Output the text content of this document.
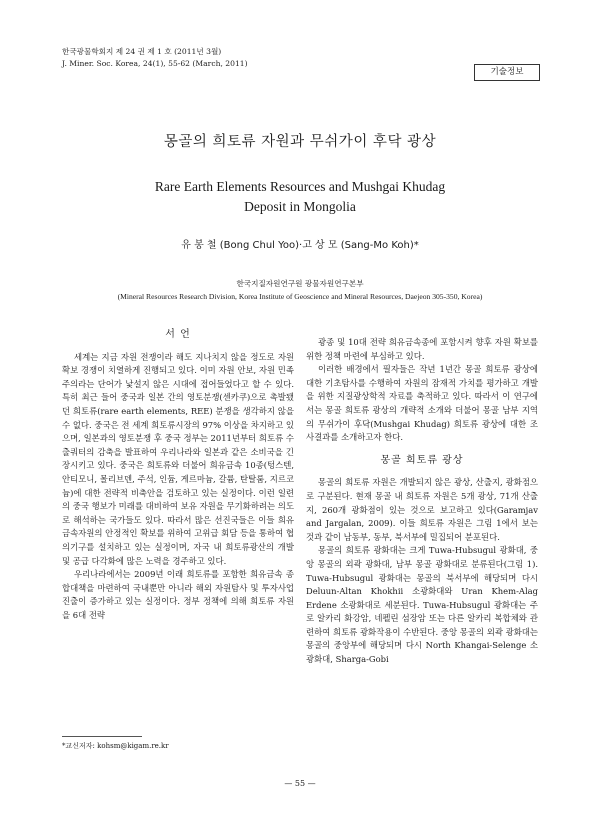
한국광물학회지 제 24 권 제 1 호 (2011년 3월)
J. Miner. Soc. Korea, 24(1), 55-62 (March, 2011)
기술정보
몽골의 희토류 자원과 무쉬가이 후닥 광상
Rare Earth Elements Resources and Mushgai Khudag
Deposit in Mongolia
유 봉 철 (Bong Chul Yoo)·고 상 모 (Sang-Mo Koh)*
한국지질자원연구원 광물자원연구본부
(Mineral Resources Research Division, Korea Institute of Geoscience and Mineral Resources, Daejeon 305-350, Korea)
서 언

세계는 지금 자원 전쟁이라 해도 지나치지 않을 정도로 자원 확보 경쟁이 치열하게 진행되고 있다. 이미 자원 안보, 자원 민족주의라는 단어가 낯설지 않은 시대에 접어들었다고 할 수 있다. 특히 최근 들어 중국과 일본 간의 영토분쟁(센카쿠)으로 촉발됐던 희토류(rare earth elements, REE) 분쟁을 생각하지 않을 수 없다. 중국은 전 세계 희토류시장의 97% 이상을 차지하고 있으며, 일본과의 영토분쟁 후 중국 정부는 2011년부터 희토류 수출쿼터의 감축을 발표하여 우리나라와 일본과 같은 소비국을 긴장시키고 있다. 중국은 희토류와 더불어 희유금속 10종(텅스텐, 안티모니, 몰리브덴, 주석, 인듐, 게르마늄, 갈륨, 탄탈룸, 지르코늄)에 대한 전략적 비축안을 검토하고 있는 실정이다. 이런 일련의 중국 행보가 미래를 대비하여 보유 자원을 무기화하려는 의도로 해석하는 국가들도 있다. 따라서 많은 선진국들은 이들 희유금속자원의 안정적인 확보를 위하여 고위급 회담 등을 통하여 협의기구를 설치하고 있는 실정이며, 자국 내 희토류광산의 개발 및 공급 다각화에 많은 노력을 경주하고 있다.

우리나라에서는 2009년 이래 희토류를 포함한 희유금속 종합대책을 마련하여 국내뿐만 아니라 해외 자원탐사 및 투자사업 진출이 증가하고 있는 실정이다. 정부 정책에 의해 희토류 자원을 6대 전략

광종 및 10대 전략 희유금속종에 포함시켜 향후 자원 확보를 위한 정책 마련에 부심하고 있다.

이러한 배경에서 필자들은 작년 1년간 몽골 희토류 광상에 대한 기초탐사를 수행하여 자원의 잠재적 가치를 평가하고 개발을 위한 지질광상학적 자료를 축적하고 있다. 따라서 이 연구에서는 몽골 희토류 광상의 개략적 소개와 더불어 몽골 남부 지역의 무쉬가이 후닥(Mushgai Khudag) 희토류 광상에 대한 조사결과를 소개하고자 한다.

몽골 희토류 광상

몽골의 희토류 자원은 개발되지 않은 광상, 산출지, 광화점으로 구분된다. 현재 몽골 내 희토류 자원은 5개 광상, 71개 산출지, 260개 광화점이 있는 것으로 보고하고 있다(Garamjav and Jargalan, 2009). 이들 희토류 자원은 그림 1에서 보는 것과 같이 남동부, 동부, 북서부에 밀집되어 분포된다.

몽골의 희토류 광화대는 크게 Tuwa-Hubsugul 광화대, 중앙 몽골의 외곽 광화대, 남부 몽골 광화대로 분류된다(그림 1). Tuwa-Hubsugul 광화대는 몽골의 북서부에 해당되며 다시 Deluun-Altan Khokhii 소광화대와 Uran Khem-Alag Erdene 소광화대로 세분된다. Tuwa-Hubsugul 광화대는 주로 알카리 화강암, 네펠린 섬장암 또는 다른 알카리 복합체와 관련하여 희토류 광화작용이 수반된다. 중앙 몽골의 외곽 광화대는 몽골의 중앙부에 해당되며 다시 North Khangai-Selenge 소광화대, Sharga-Gobi

*교신저자: kohsm@kigam.re.kr
— 55 —
